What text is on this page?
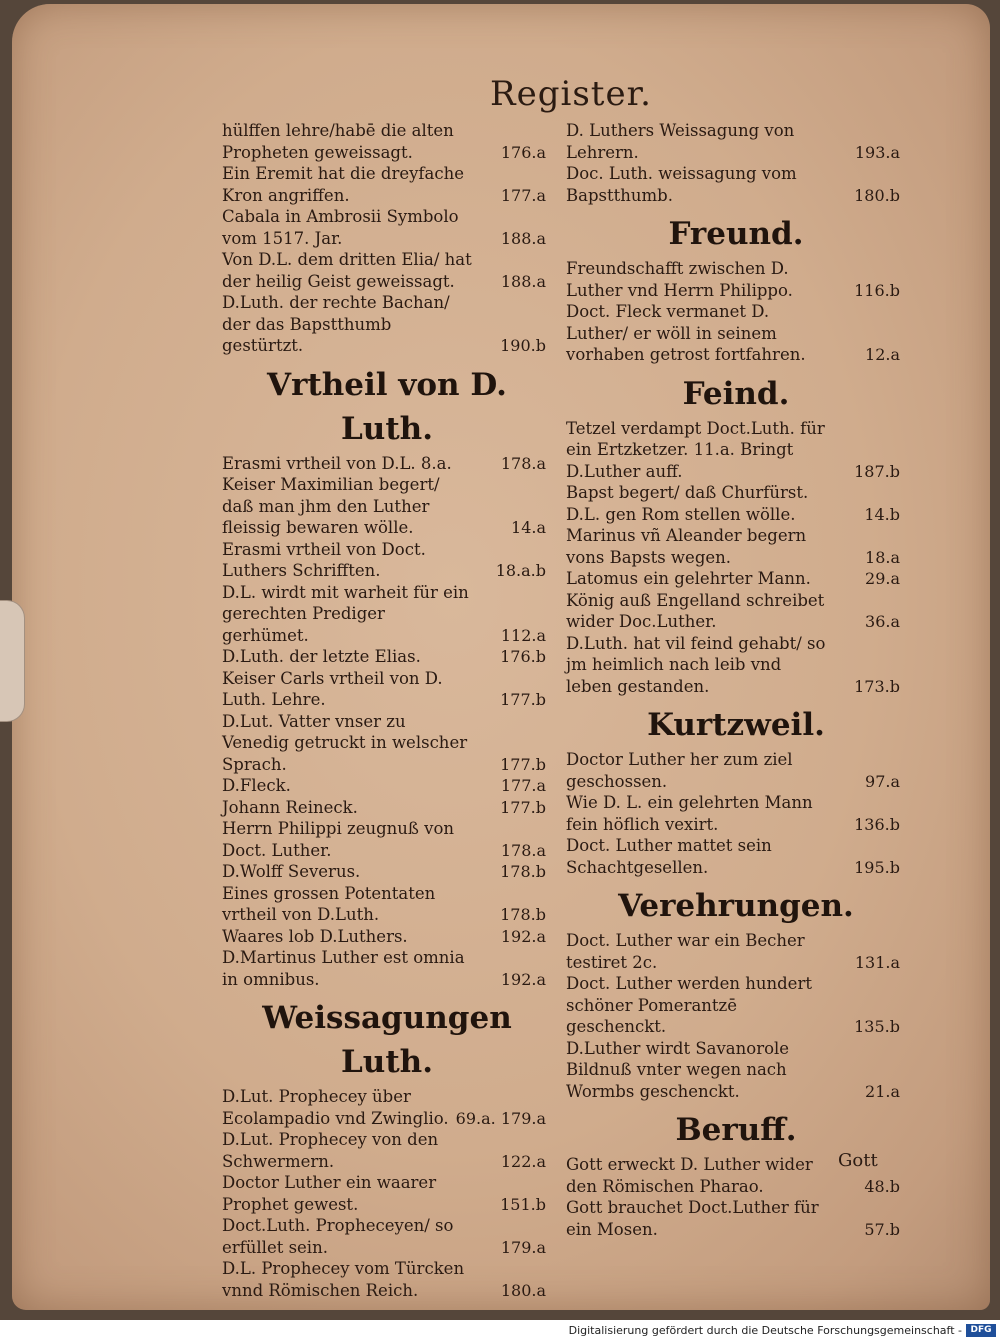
Register.
hülffen lehre/habē die alten Propheten geweissagt.	176.a
Ein Eremit hat die dreyfache Kron angriffen.	177.a
Cabala in Ambrosii Symbolo vom 1517. Jar.	188.a
Von D.L. dem dritten Elia/ hat der heilig Geist geweissagt.	188.a
D.Luth. der rechte Bachan/ der das Bapstthumb gestürtzt.	190.b
Vrtheil von D. Luth.
Erasmi vrtheil von D.L. 8.a.	178.a
Keiser Maximilian begert/ daß man jhm den Luther fleissig bewaren wölle.	14.a
Erasmi vrtheil von Doct. Luthers Schrifften.	18.a.b
D.L. wirdt mit warheit für ein gerechten Prediger gerhümet.	112.a
D.Luth. der letzte Elias.	176.b
Keiser Carls vrtheil von D. Luth. Lehre.	177.b
D.Lut. Vatter vnser zu Venedig getruckt in welscher Sprach.	177.b
D.Fleck.	177.a
Johann Reineck.	177.b
Herrn Philippi zeugnuß von Doct. Luther.	178.a
D.Wolff Severus.	178.b
Eines grossen Potentaten vrtheil von D.Luth.	178.b
Waares lob D.Luthers.	192.a
D.Martinus Luther est omnia in omnibus.	192.a
Weissagungen Luth.
D.Lut. Prophecey über Ecolampadio vnd Zwinglio. 69.a. 179.a
D.Lut. Prophecey von den Schwermern.	122.a
Doctor Luther ein waarer Prophet gewest.	151.b
Doct.Luth. Propheceyen/ so erfüllet sein.	179.a
D.L. Prophecey vom Türcken vnnd Römischen Reich.	180.a
D. Luthers Weissagung von Lehrern.	193.a
Doc. Luth. weissagung vom Bapstthumb.	180.b
Freund.
Freundschafft zwischen D. Luther vnd Herrn Philippo.	116.b
Doct. Fleck vermanet D. Luther/ er wöll in seinem vorhaben getrost fortfahren.	12.a
Feind.
Tetzel verdampt Doct.Luth. für ein Ertzketzer. 11.a. Bringt D.Luther auff.	187.b
Bapst begert/ daß Churfürst. D.L. gen Rom stellen wölle.	14.b
Marinus vñ Aleander begern vons Bapsts wegen.	18.a
Latomus ein gelehrter Mann.	29.a
König auß Engelland schreibet wider Doc.Luther.	36.a
D.Luth. hat vil feind gehabt/ so jm heimlich nach leib vnd leben gestanden.	173.b
Kurtzweil.
Doctor Luther her zum ziel geschossen.	97.a
Wie D. L. ein gelehrten Mann fein höflich vexirt.	136.b
Doct. Luther mattet sein Schachtgesellen.	195.b
Verehrungen.
Doct. Luther war ein Becher testiret 2c.	131.a
Doct. Luther werden hundert schöner Pomerantzē geschenckt.	135.b
D.Luther wirdt Savanorole Bildnuß vnter wegen nach Wormbs geschenckt.	21.a
Beruff.
Gott erweckt D. Luther wider den Römischen Pharao.	48.b
Gott brauchet Doct.Luther für ein Mosen.	57.b
Gott
Digitalisierung gefördert durch die Deutsche Forschungsgemeinschaft - DFG
